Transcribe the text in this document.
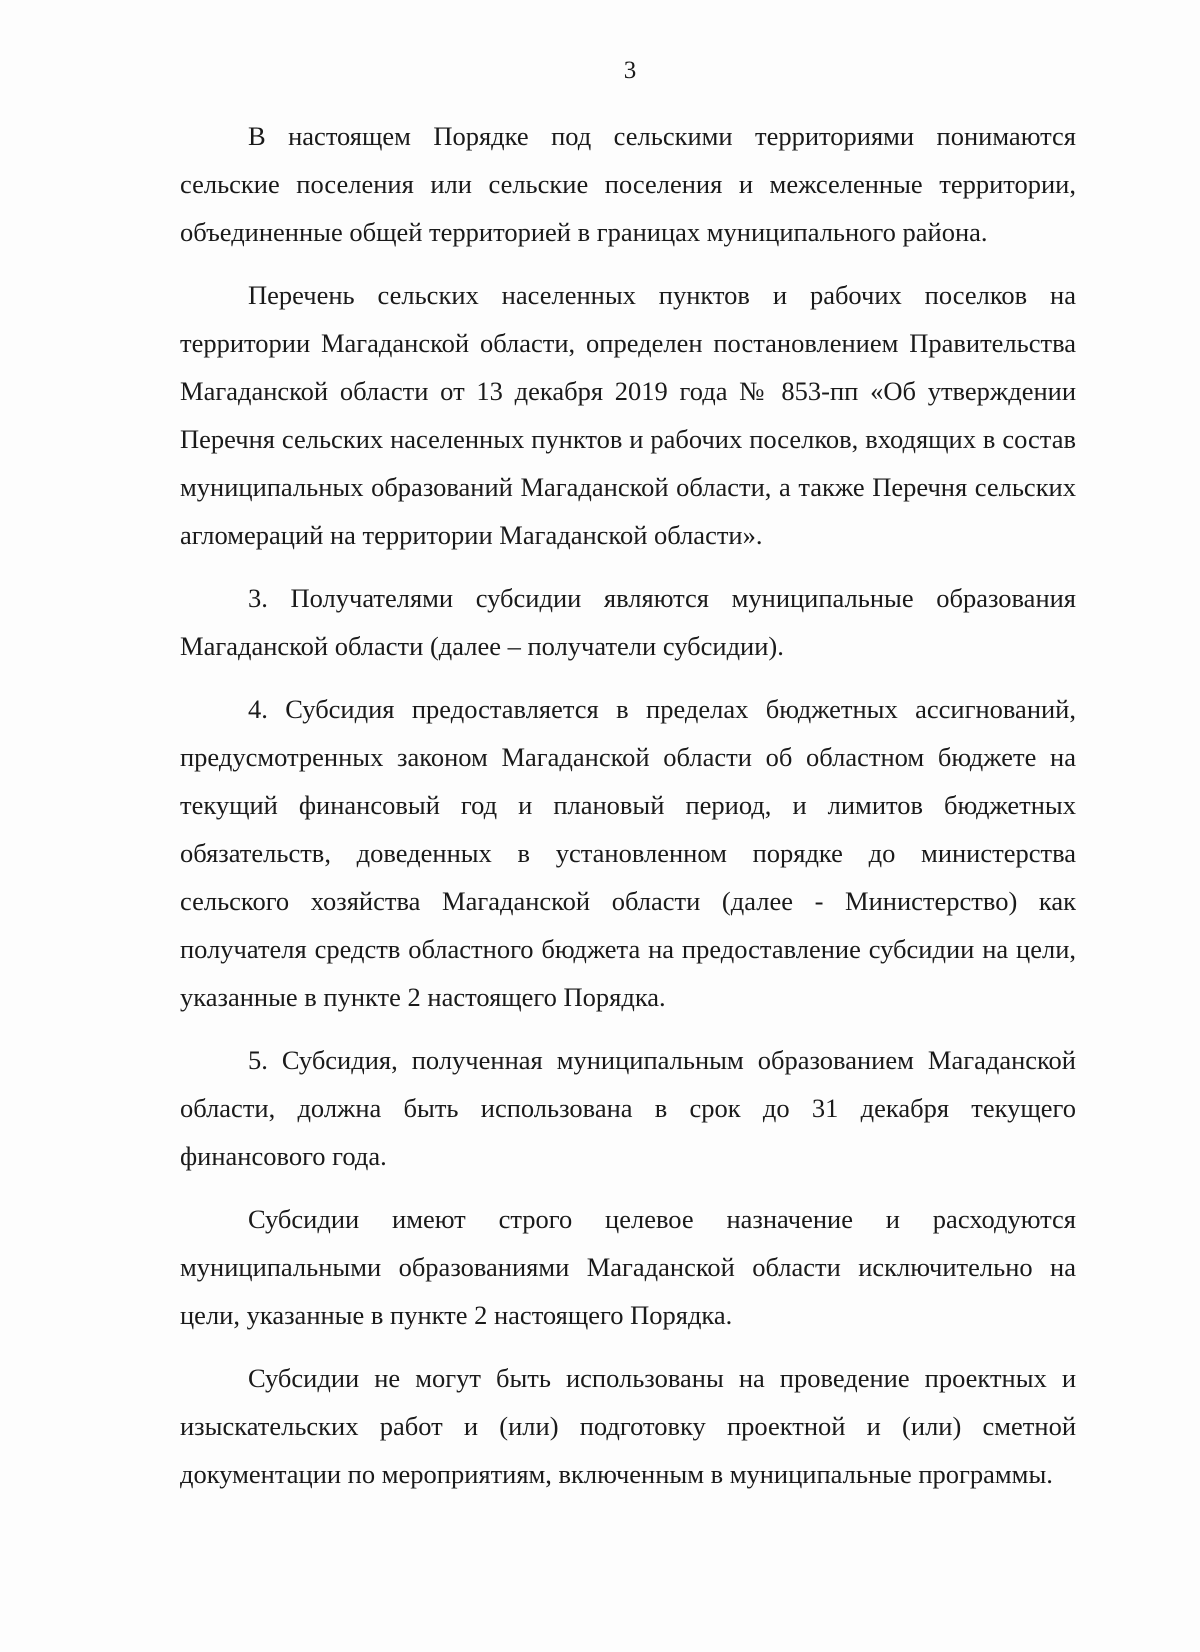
3

В настоящем Порядке под сельскими территориями понимаются сельские поселения или сельские поселения и межселенные территории, объединенные общей территорией в границах муниципального района.

Перечень сельских населенных пунктов и рабочих поселков на территории Магаданской области, определен постановлением Правительства Магаданской области от 13 декабря 2019 года № 853-пп «Об утверждении Перечня сельских населенных пунктов и рабочих поселков, входящих в состав муниципальных образований Магаданской области, а также Перечня сельских агломераций на территории Магаданской области».

3. Получателями субсидии являются муниципальные образования Магаданской области (далее – получатели субсидии).

4. Субсидия предоставляется в пределах бюджетных ассигнований, предусмотренных законом Магаданской области об областном бюджете на текущий финансовый год и плановый период, и лимитов бюджетных обязательств, доведенных в установленном порядке до министерства сельского хозяйства Магаданской области (далее - Министерство) как получателя средств областного бюджета на предоставление субсидии на цели, указанные в пункте 2 настоящего Порядка.

5. Субсидия, полученная муниципальным образованием Магаданской области, должна быть использована в срок до 31 декабря текущего финансового года.

Субсидии имеют строго целевое назначение и расходуются муниципальными образованиями Магаданской области исключительно на цели, указанные в пункте 2 настоящего Порядка.

Субсидии не могут быть использованы на проведение проектных и изыскательских работ и (или) подготовку проектной и (или) сметной документации по мероприятиям, включенным в муниципальные программы.
